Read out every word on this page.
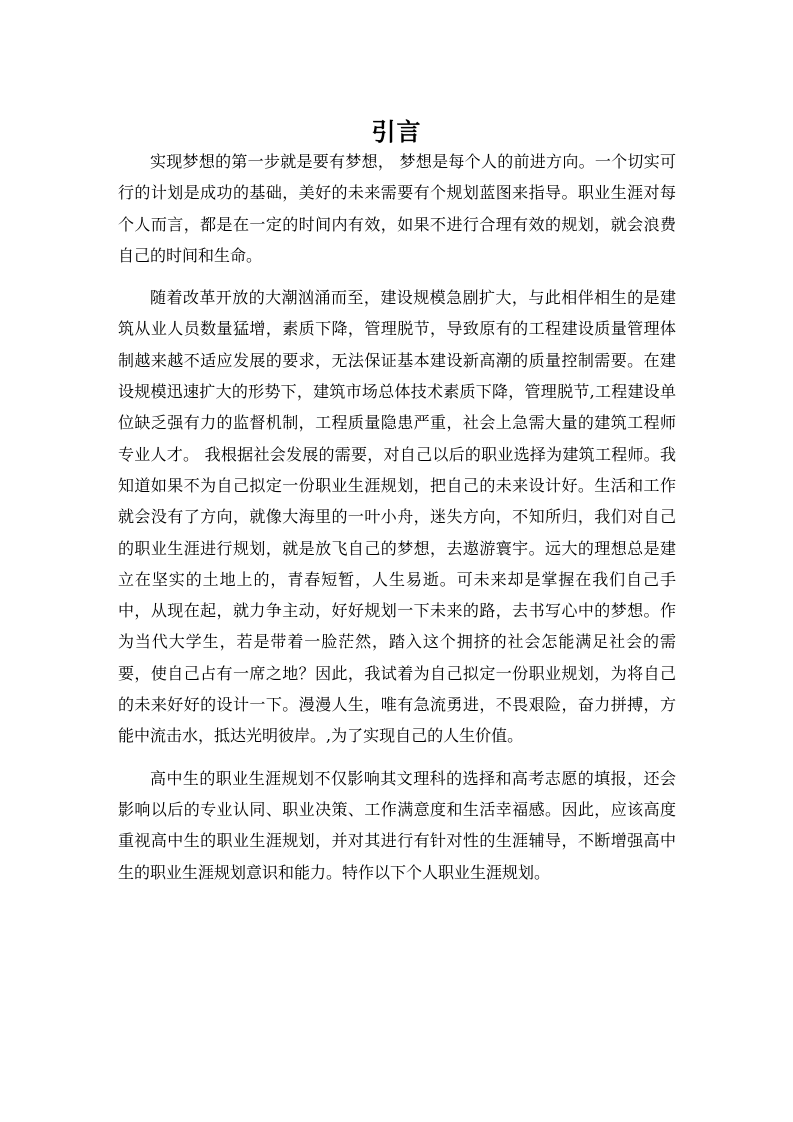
引言

实现梦想的第一步就是要有梦想， 梦想是每个人的前进方向。一个切实可行的计划是成功的基础，美好的未来需要有个规划蓝图来指导。职业生涯对每个人而言，都是在一定的时间内有效，如果不进行合理有效的规划，就会浪费自己的时间和生命。

随着改革开放的大潮汹涌而至，建设规模急剧扩大，与此相伴相生的是建筑从业人员数量猛增，素质下降，管理脱节，导致原有的工程建设质量管理体制越来越不适应发展的要求，无法保证基本建设新高潮的质量控制需要。在建设规模迅速扩大的形势下，建筑市场总体技术素质下降，管理脱节,工程建设单位缺乏强有力的监督机制，工程质量隐患严重，社会上急需大量的建筑工程师专业人才。 我根据社会发展的需要，对自己以后的职业选择为建筑工程师。我知道如果不为自己拟定一份职业生涯规划，把自己的未来设计好。生活和工作就会没有了方向，就像大海里的一叶小舟，迷失方向，不知所归，我们对自己的职业生涯进行规划，就是放飞自己的梦想，去遨游寰宇。远大的理想总是建立在坚实的土地上的，青春短暂，人生易逝。可未来却是掌握在我们自己手中，从现在起，就力争主动，好好规划一下未来的路，去书写心中的梦想。作为当代大学生，若是带着一脸茫然，踏入这个拥挤的社会怎能满足社会的需要，使自己占有一席之地？因此，我试着为自己拟定一份职业规划，为将自己的未来好好的设计一下。漫漫人生，唯有急流勇进，不畏艰险，奋力拼搏，方能中流击水，抵达光明彼岸。,为了实现自己的人生价值。

高中生的职业生涯规划不仅影响其文理科的选择和高考志愿的填报，还会影响以后的专业认同、职业决策、工作满意度和生活幸福感。因此，应该高度重视高中生的职业生涯规划，并对其进行有针对性的生涯辅导，不断增强高中生的职业生涯规划意识和能力。特作以下个人职业生涯规划。
